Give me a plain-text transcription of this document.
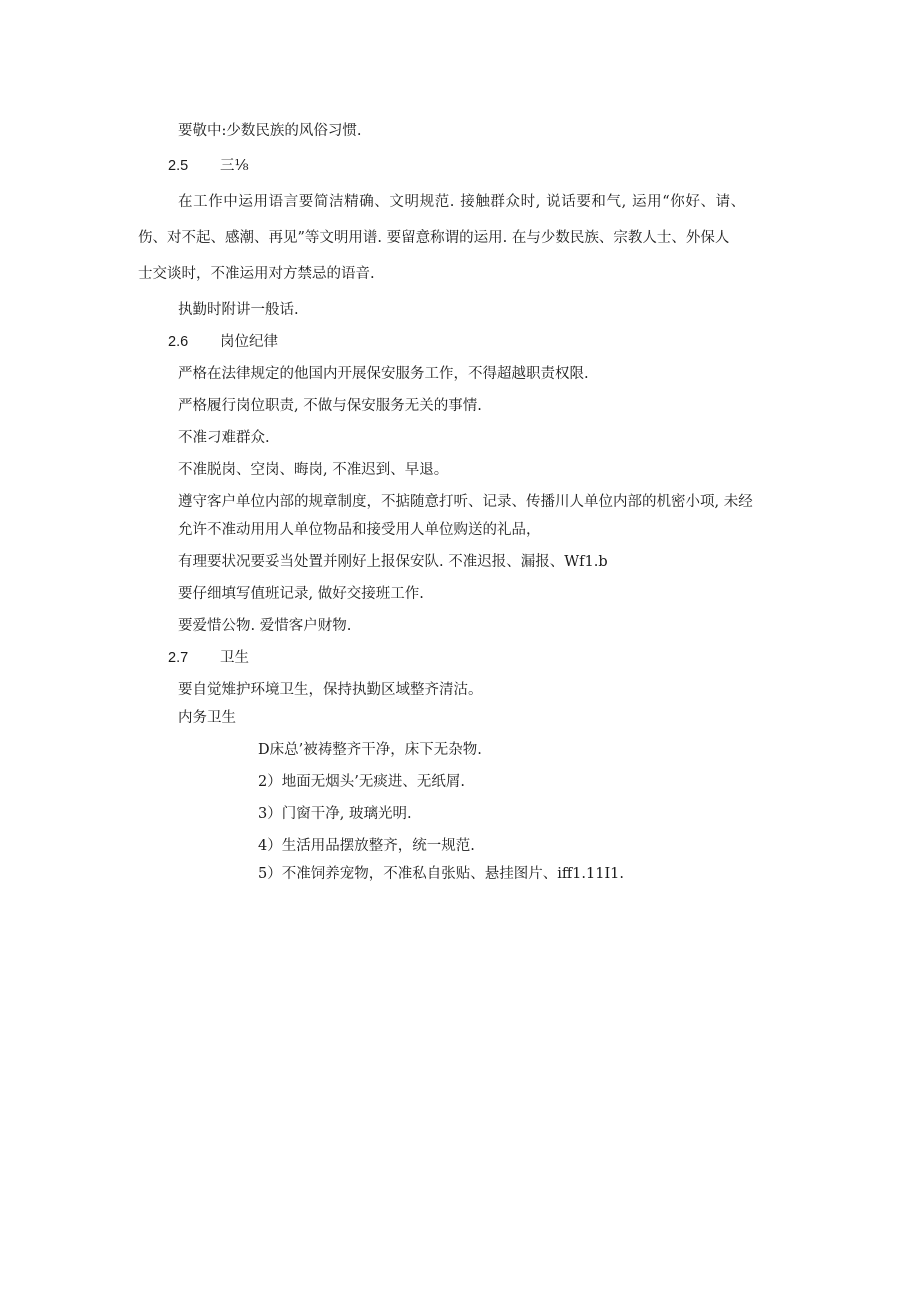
要敬中:少数民族的风俗习惯.
2.5 三⅛
在工作中运用语言要简洁精确、文明规范. 接触群众时, 说话要和气, 运用“你好、请、
伤、对不起、感潮、再见”等文明用谱. 要留意称谓的运用. 在与少数民族、宗教人士、外保人
士交谈时，不准运用对方禁忌的语音.
执勤时附讲一般话.
2.6 岗位纪律
严格在法律规定的他国内开展保安服务工作，不得超越职责权限.
严格履行岗位职责, 不做与保安服务无关的事情.
不准刁难群众.
不准脱岗、空岗、晦岗, 不准迟到、早退。
遵守客户单位内部的规章制度，不掂随意打听、记录、传播川人单位内部的机密小项, 未经
允许不准动用用人单位物品和接受用人单位购送的礼品，
有理要状况要妥当处置并刚好上报保安队. 不准迟报、漏报、Wf1.b
要仔细填写值班记录, 做好交接班工作.
要爱惜公物. 爱惜客户财物.
2.7 卫生
要自觉雉护环境卫生，保持执勤区域整齐清沽。
内务卫生
D床总’被祷整齐干净，床下无杂物.
2）地面无烟头’无痰进、无纸屑.
3）门窗干净, 玻璃光明.
4）生活用品摆放整齐，统一规范.
5）不准饲养宠物，不准私自张贴、悬挂图片、iff1.11I1.
